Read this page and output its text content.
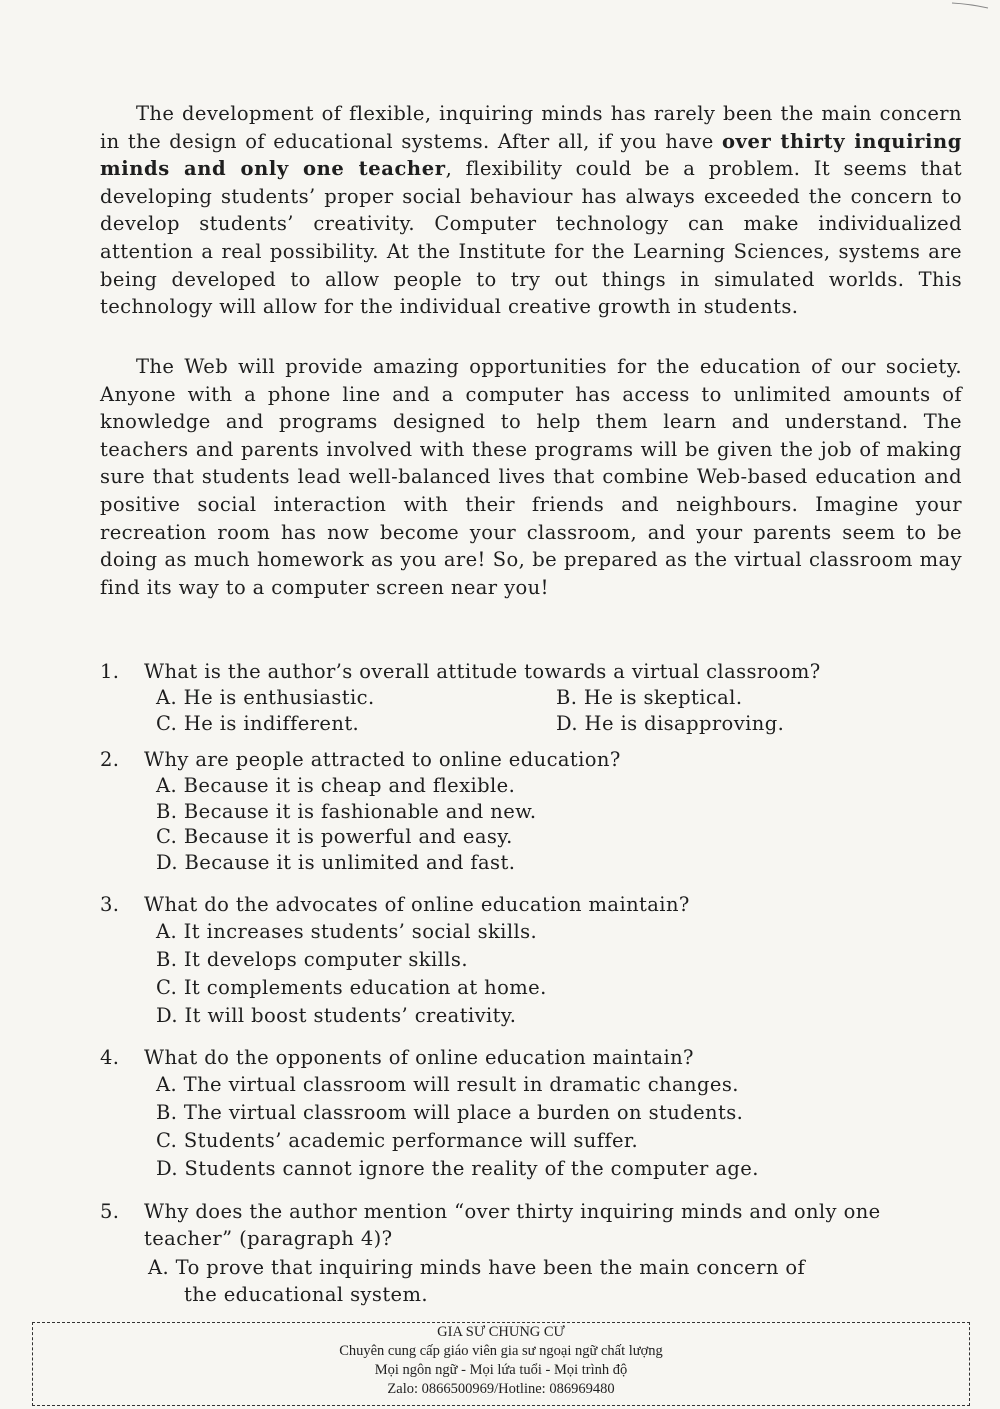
The development of flexible, inquiring minds has rarely been the main concern in the design of educational systems. After all, if you have over thirty inquiring minds and only one teacher, flexibility could be a problem. It seems that developing students’ proper social behaviour has always exceeded the concern to develop students’ creativity. Computer technology can make individualized attention a real possibility. At the Institute for the Learning Sciences, systems are being developed to allow people to try out things in simulated worlds. This technology will allow for the individual creative growth in students.
The Web will provide amazing opportunities for the education of our society. Anyone with a phone line and a computer has access to unlimited amounts of knowledge and programs designed to help them learn and understand. The teachers and parents involved with these programs will be given the job of making sure that students lead well-balanced lives that combine Web-based education and positive social interaction with their friends and neighbours. Imagine your recreation room has now become your classroom, and your parents seem to be doing as much homework as you are! So, be prepared as the virtual classroom may find its way to a computer screen near you!
1.	What is the author’s overall attitude towards a virtual classroom?
A. He is enthusiastic.	B. He is skeptical.
C. He is indifferent.	D. He is disapproving.
2.	Why are people attracted to online education?
A. Because it is cheap and flexible.
B. Because it is fashionable and new.
C. Because it is powerful and easy.
D. Because it is unlimited and fast.
3.	What do the advocates of online education maintain?
A. It increases students’ social skills.
B. It develops computer skills.
C. It complements education at home.
D. It will boost students’ creativity.
4.	What do the opponents of online education maintain?
A. The virtual classroom will result in dramatic changes.
B. The virtual classroom will place a burden on students.
C. Students’ academic performance will suffer.
D. Students cannot ignore the reality of the computer age.
5.	Why does the author mention “over thirty inquiring minds and only one teacher” (paragraph 4)?
A. To prove that inquiring minds have been the main concern of
the educational system.
GIA SƯ CHUNG CƯ
Chuyên cung cấp giáo viên gia sư ngoại ngữ chất lượng
Mọi ngôn ngữ - Mọi lứa tuổi - Mọi trình độ
Zalo: 0866500969/Hotline: 086969480
